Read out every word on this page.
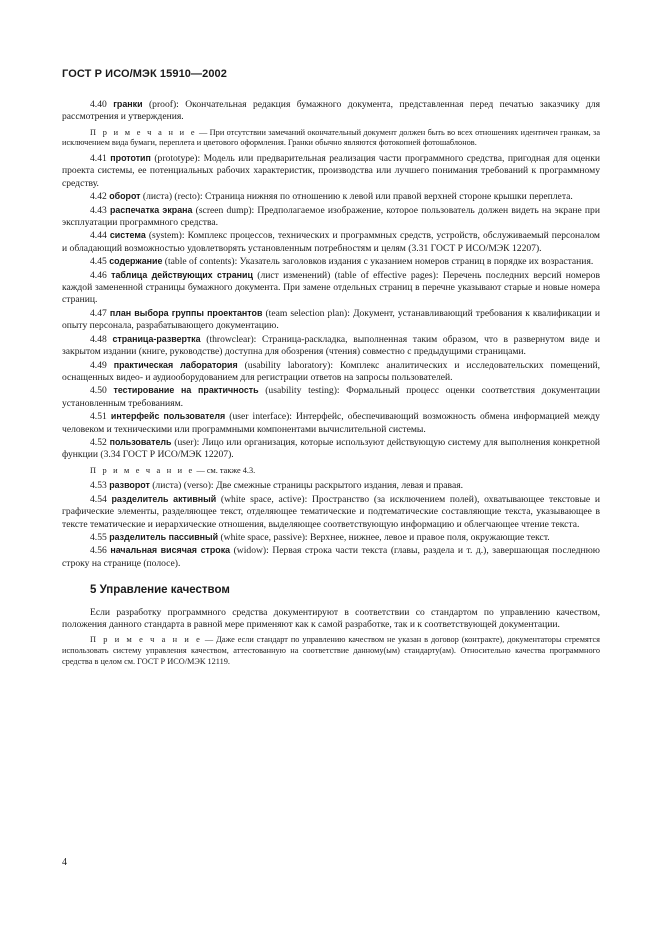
ГОСТ Р ИСО/МЭК 15910—2002

4.40 гранки (proof): Окончательная редакция бумажного документа, представленная перед печатью заказчику для рассмотрения и утверждения.

П р и м е ч а н и е — При отсутствии замечаний окончательный документ должен быть во всех отношениях идентичен гранкам, за исключением вида бумаги, переплета и цветового оформления. Гранки обычно являются фотокопией фотошаблонов.

4.41 прототип (prototype): Модель или предварительная реализация части программного средства, пригодная для оценки проекта системы, ее потенциальных рабочих характеристик, производства или лучшего понимания требований к программному средству.

4.42 оборот (листа) (recto): Страница нижняя по отношению к левой или правой верхней стороне крышки переплета.

4.43 распечатка экрана (screen dump): Предполагаемое изображение, которое пользователь должен видеть на экране при эксплуатации программного средства.

4.44 система (system): Комплекс процессов, технических и программных средств, устройств, обслуживаемый персоналом и обладающий возможностью удовлетворять установленным потребностям и целям (3.31 ГОСТ Р ИСО/МЭК 12207).

4.45 содержание (table of contents): Указатель заголовков издания с указанием номеров страниц в порядке их возрастания.

4.46 таблица действующих страниц (лист изменений) (table of effective pages): Перечень последних версий номеров каждой замененной страницы бумажного документа. При замене отдельных страниц в перечне указывают старые и новые номера страниц.

4.47 план выбора группы проектантов (team selection plan): Документ, устанавливающий требования к квалификации и опыту персонала, разрабатывающего документацию.

4.48 страница-развертка (throwclear): Страница-раскладка, выполненная таким образом, что в развернутом виде и закрытом издании (книге, руководстве) доступна для обозрения (чтения) совместно с предыдущими страницами.

4.49 практическая лаборатория (usability laboratory): Комплекс аналитических и исследовательских помещений, оснащенных видео- и аудиооборудованием для регистрации ответов на запросы пользователей.

4.50 тестирование на практичность (usability testing): Формальный процесс оценки соответствия документации установленным требованиям.

4.51 интерфейс пользователя (user interface): Интерфейс, обеспечивающий возможность обмена информацией между человеком и техническими или программными компонентами вычислительной системы.

4.52 пользователь (user): Лицо или организация, которые используют действующую систему для выполнения конкретной функции (3.34 ГОСТ Р ИСО/МЭК 12207).

П р и м е ч а н и е — см. также 4.3.

4.53 разворот (листа) (verso): Две смежные страницы раскрытого издания, левая и правая.

4.54 разделитель активный (white space, active): Пространство (за исключением полей), охватывающее текстовые и графические элементы, разделяющее текст, отделяющее тематические и подтематические составляющие текста, указывающее в тексте тематические и иерархические отношения, выделяющее соответствующую информацию и облегчающее чтение текста.

4.55 разделитель пассивный (white space, passive): Верхнее, нижнее, левое и правое поля, окружающие текст.

4.56 начальная висячая строка (widow): Первая строка части текста (главы, раздела и т. д.), завершающая последнюю строку на странице (полосе).

5 Управление качеством

Если разработку программного средства документируют в соответствии со стандартом по управлению качеством, положения данного стандарта в равной мере применяют как к самой разработке, так и к соответствующей документации.

П р и м е ч а н и е — Даже если стандарт по управлению качеством не указан в договор (контракте), документаторы стремятся использовать систему управления качеством, аттестованную на соответствие данному(ым) стандарту(ам). Относительно качества программного средства в целом см. ГОСТ Р ИСО/МЭК 12119.

4
